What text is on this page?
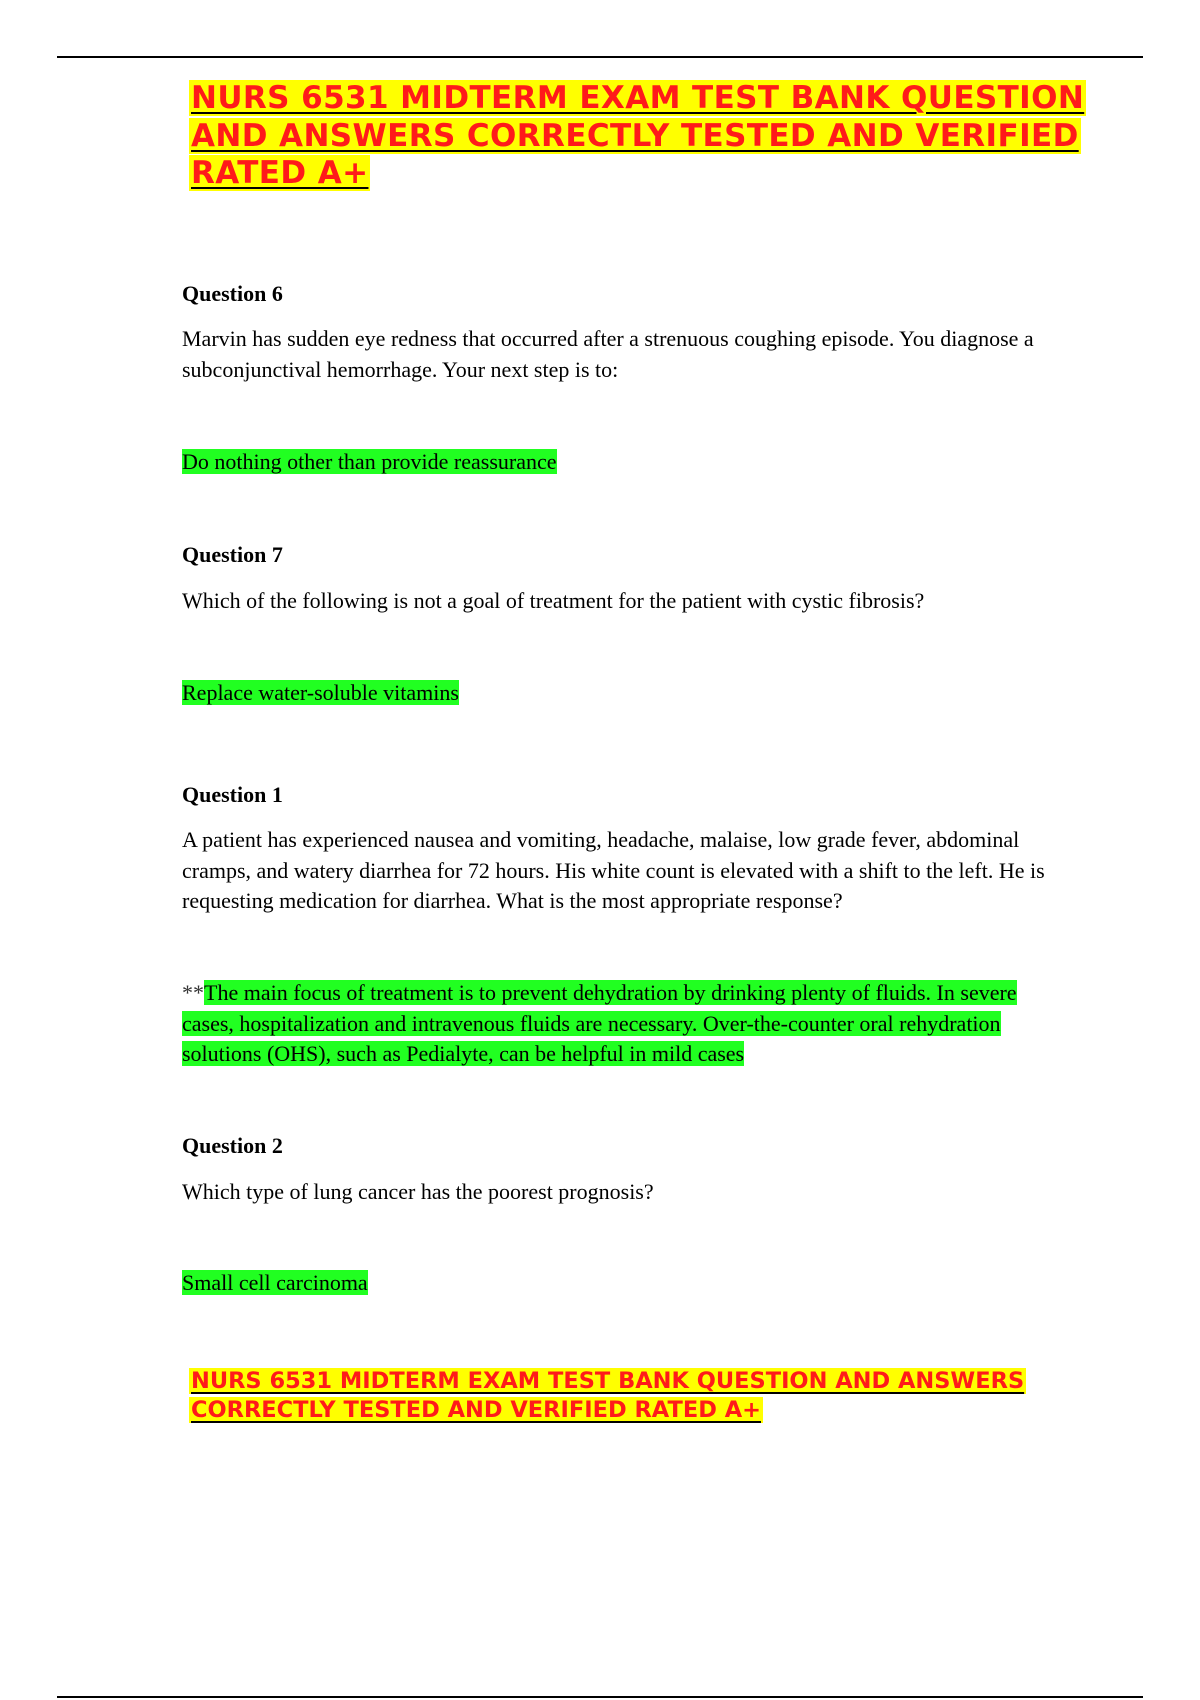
NURS 6531 MIDTERM EXAM TEST BANK QUESTION AND ANSWERS CORRECTLY TESTED AND VERIFIED RATED A+

Question 6

Marvin has sudden eye redness that occurred after a strenuous coughing episode. You diagnose a subconjunctival hemorrhage. Your next step is to:

Do nothing other than provide reassurance

Question 7

Which of the following is not a goal of treatment for the patient with cystic fibrosis?

Replace water-soluble vitamins

Question 1

A patient has experienced nausea and vomiting, headache, malaise, low grade fever, abdominal cramps, and watery diarrhea for 72 hours. His white count is elevated with a shift to the left. He is requesting medication for diarrhea. What is the most appropriate response?

**The main focus of treatment is to prevent dehydration by drinking plenty of fluids. In severe cases, hospitalization and intravenous fluids are necessary. Over-the-counter oral rehydration solutions (OHS), such as Pedialyte, can be helpful in mild cases

Question 2

Which type of lung cancer has the poorest prognosis?

Small cell carcinoma

NURS 6531 MIDTERM EXAM TEST BANK QUESTION AND ANSWERS CORRECTLY TESTED AND VERIFIED RATED A+
